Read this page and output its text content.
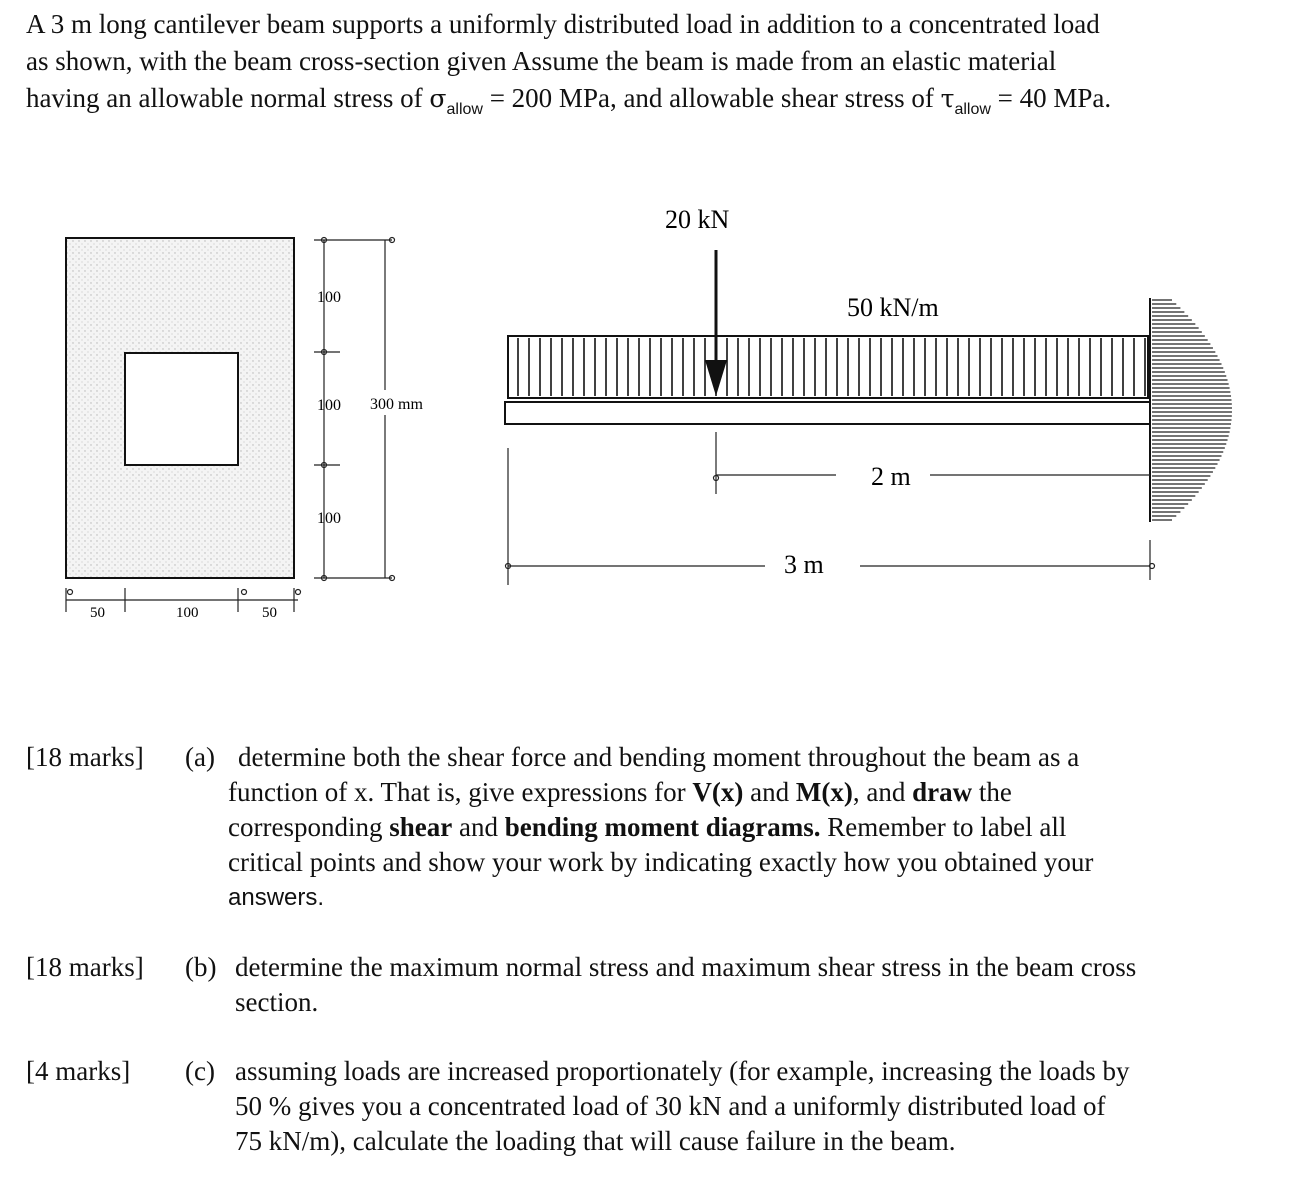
A 3 m long cantilever beam supports a uniformly distributed load in addition to a concentrated load
as shown, with the beam cross-section given Assume the beam is made from an elastic material
having an allowable normal stress of $\sigma_{allow} = 200$ MPa, and allowable shear stress of $\tau_{allow} = 40$ MPa.
100
100
100
300 mm
50	100	50
20 kN
50 kN/m
2 m
3 m
[18 marks] (a) determine both the shear force and bending moment throughout the beam as a
function of x. That is, give expressions for V(x) and M(x), and draw the
corresponding shear and bending moment diagrams. Remember to label all
critical points and show your work by indicating exactly how you obtained your
answers.
[18 marks] (b) determine the maximum normal stress and maximum shear stress in the beam cross
section.
[4 marks] (c) assuming loads are increased proportionately (for example, increasing the loads by
50 % gives you a concentrated load of 30 kN and a uniformly distributed load of
75 kN/m), calculate the loading that will cause failure in the beam.
